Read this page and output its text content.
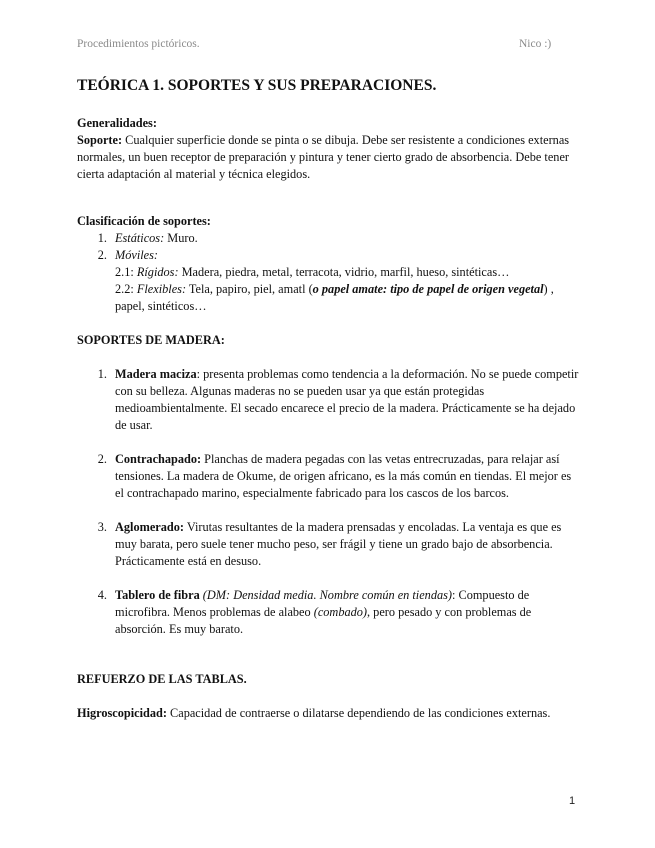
Procedimientos pictóricos.	Nico :)
TEÓRICA 1. SOPORTES Y SUS PREPARACIONES.

Generalidades:

Soporte: Cualquier superficie donde se pinta o se dibuja. Debe ser resistente a condiciones externas normales, un buen receptor de preparación y pintura y tener cierto grado de absorbencia. Debe tener cierta adaptación al material y técnica elegidos.

Clasificación de soportes:

1. Estáticos: Muro.
2. Móviles:

2.1: Rígidos: Madera, piedra, metal, terracota, vidrio, marfil, hueso, sintéticas…

2.2: Flexibles: Tela, papiro, piel, amatl (o papel amate: tipo de papel de origen vegetal) , papel, sintéticos…

SOPORTES DE MADERA:

1. Madera maciza: presenta problemas como tendencia a la deformación. No se puede competir con su belleza. Algunas maderas no se pueden usar ya que están protegidas medioambientalmente. El secado encarece el precio de la madera. Prácticamente se ha dejado de usar.
2. Contrachapado: Planchas de madera pegadas con las vetas entrecruzadas, para relajar así tensiones. La madera de Okume, de origen africano, es la más común en tiendas. El mejor es el contrachapado marino, especialmente fabricado para los cascos de los barcos.
3. Aglomerado: Virutas resultantes de la madera prensadas y encoladas. La ventaja es que es muy barata, pero suele tener mucho peso, ser frágil y tiene un grado bajo de absorbencia. Prácticamente está en desuso.
4. Tablero de fibra (DM: Densidad media. Nombre común en tiendas): Compuesto de microfibra. Menos problemas de alabeo (combado), pero pesado y con problemas de absorción. Es muy barato.

REFUERZO DE LAS TABLAS.

Higroscopicidad: Capacidad de contraerse o dilatarse dependiendo de las condiciones externas.

1
